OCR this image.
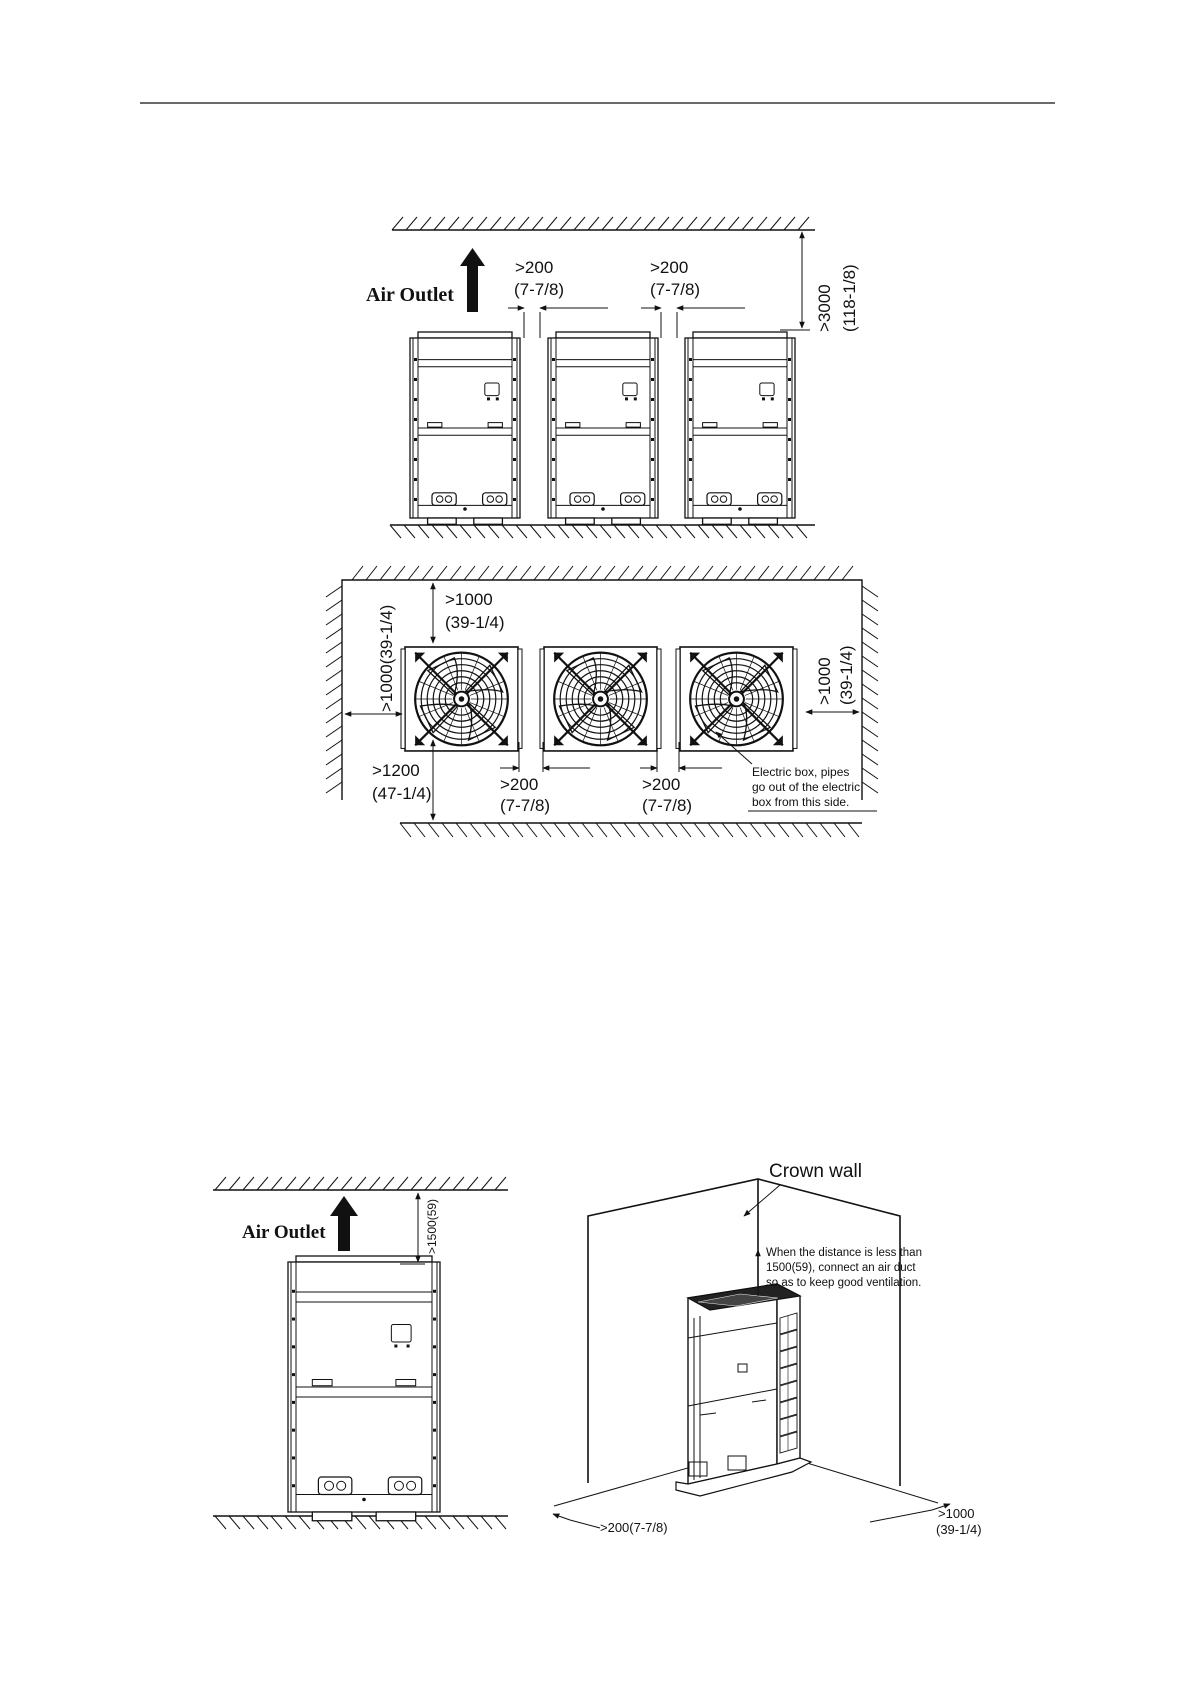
Air Outlet
>200
(7-7/8)
>200
(7-7/8)	>3000 (118-1/8)
>1000
(39-1/4)
>1000(39-1/4)	>1000 (39-1/4)
>1200
(47-1/4)	>200
(7-7/8)
>200
(7-7/8)
Electric box, pipes
go out of the electric
box from this side.
Air Outlet	>1500(59)
Crown wall
When the distance is less than
1500(59), connect an air duct
so as to keep good ventilation.
>200(7-7/8)
>1000
(39-1/4)
